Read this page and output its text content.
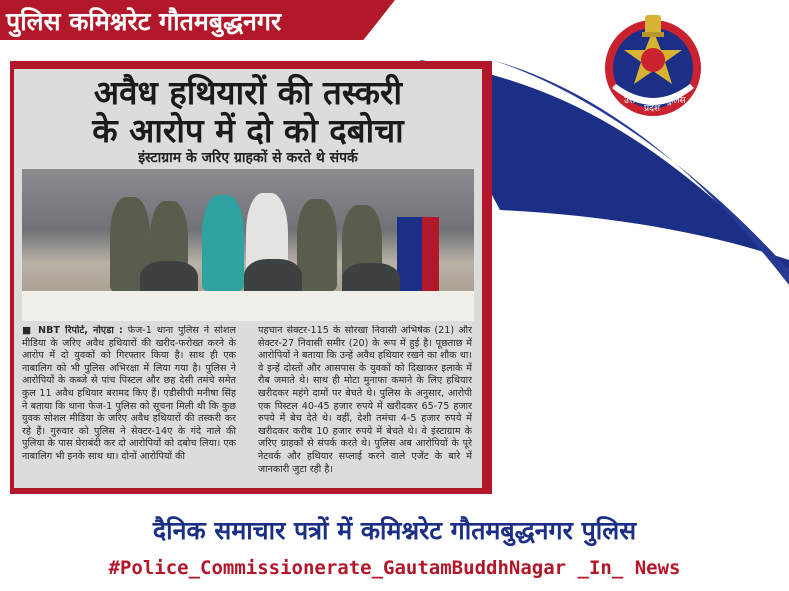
पुलिस कमिश्नरेट गौतमबुद्धनगर
उत्तर
प्रदेश
पुलिस
अवैध हथियारों की तस्करी
के आरोप में दो को दबोचा
इंस्टाग्राम के जरिए ग्राहकों से करते थे संपर्क
■ NBT रिपोर्ट, नोएडा : फेज-1 थाना पुलिस ने सोशल मीडिया के जरिए अवैध हथियारों की खरीद-फरोख्त करने के आरोप में दो युवकों को गिरफ्तार किया है। साथ ही एक नाबालिग को भी पुलिस अभिरक्षा में लिया गया है। पुलिस ने आरोपियों के कब्जे से पांच पिस्टल और छह देसी तमंचे समेत कुल 11 अवैध हथियार बरामद किए हैं। एडीसीपी मनीषा सिंह ने बताया कि थाना फेज-1 पुलिस को सूचना मिली थी कि कुछ युवक सोशल मीडिया के जरिए अवैध हथियारों की तस्करी कर रहे हैं। गुरुवार को पुलिस ने सेक्टर-14ए के गंदे नाले की पुलिया के पास घेराबंदी कर दो आरोपियों को दबोच लिया। एक नाबालिग भी इनके साथ था। दोनों आरोपियों की
पहचान सेक्टर-115 के सोरखा निवासी अभिषेक (21) और सेक्टर-27 निवासी समीर (20) के रूप में हुई है। पूछताछ में आरोपियों ने बताया कि उन्हें अवैध हथियार रखने का शौक था। वे इन्हें दोस्तों और आसपास के युवकों को दिखाकर इलाके में रौब जमाते थे। साथ ही मोटा मुनाफा कमाने के लिए हथियार खरीदकर महंगे दामों पर बेचते थे। पुलिस के अनुसार, आरोपी एक पिस्टल 40-45 हजार रुपये में खरीदकर 65-75 हजार रुपये में बेच देते थे। वहीं, देशी तमंचा 4-5 हजार रुपये में खरीदकर करीब 10 हजार रुपये में बेचते थे। वे इंस्टाग्राम के जरिए ग्राहकों से संपर्क करते थे। पुलिस अब आरोपियों के पूरे नेटवर्क और हथियार सप्लाई करने वाले एजेंट के बारे में जानकारी जुटा रही है।
दैनिक समाचार पत्रों में कमिश्नरेट गौतमबुद्धनगर पुलिस
#Police_Commissionerate_GautamBuddhNagar _In_ News
